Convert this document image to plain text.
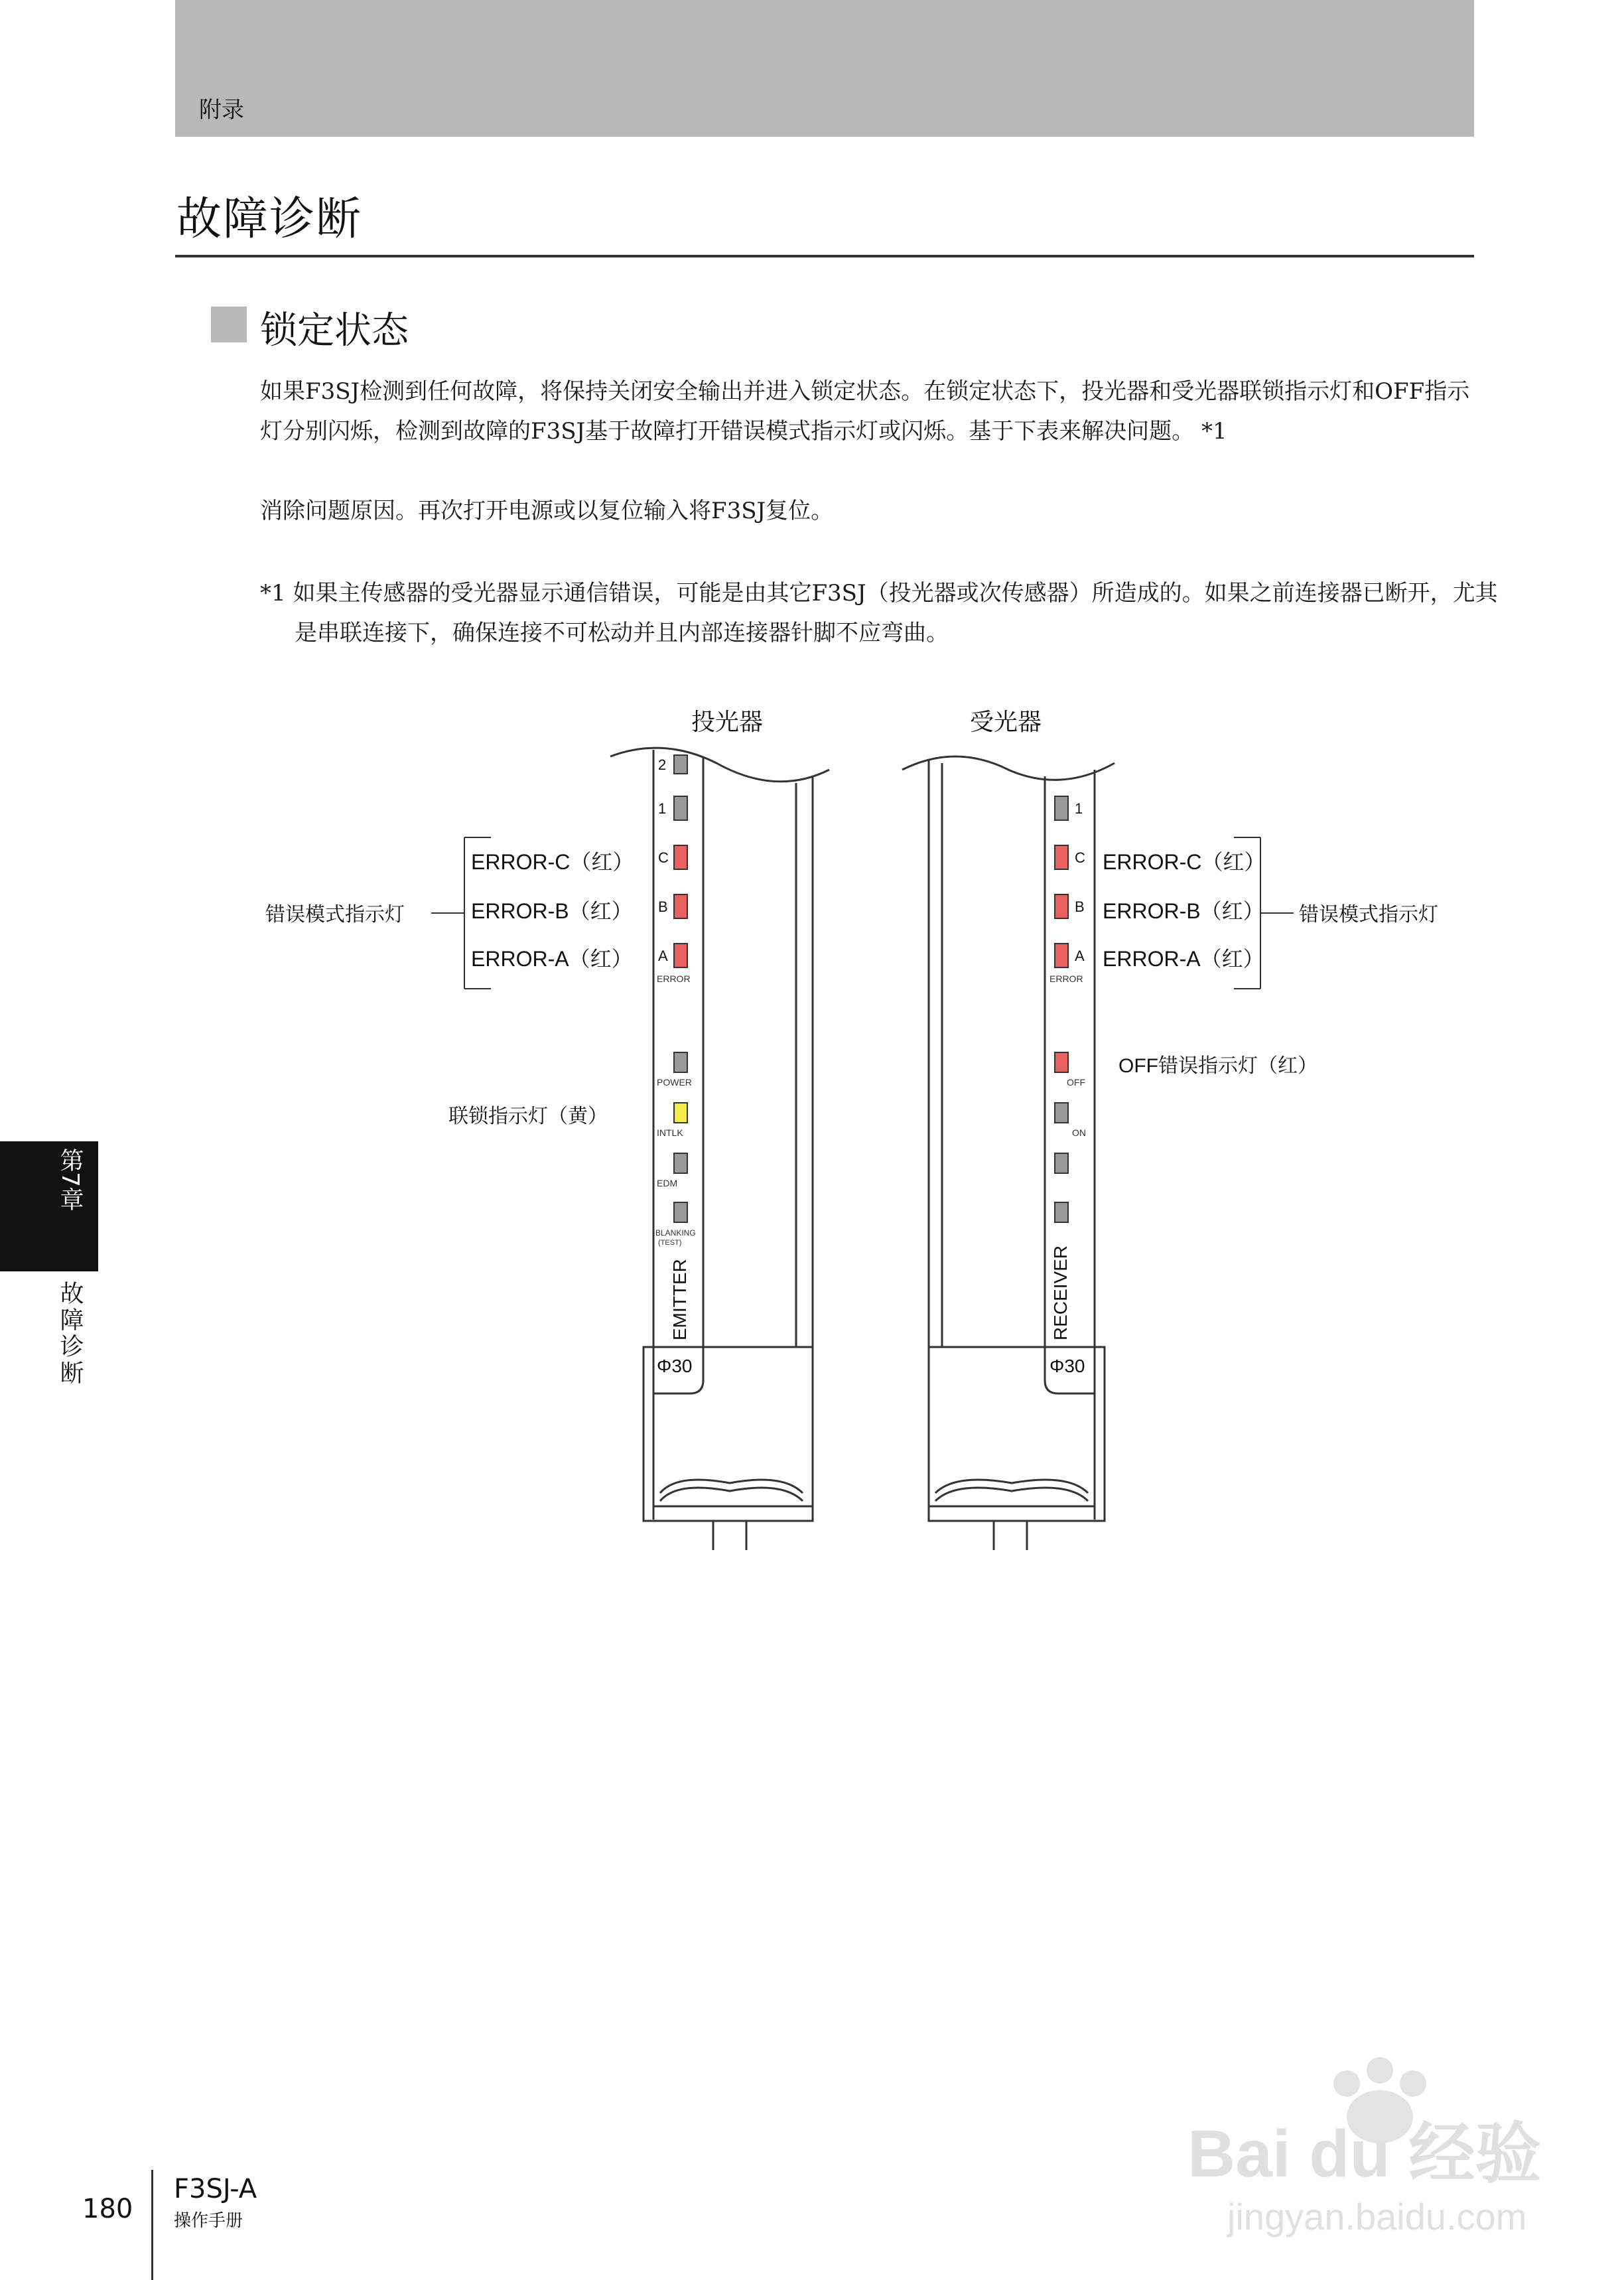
附录
故障诊断
锁定状态
如果F3SJ检测到任何故障，将保持关闭安全输出并进入锁定状态。在锁定状态下，投光器和受光器联锁指示灯和OFF指示灯分别闪烁，检测到故障的F3SJ基于故障打开错误模式指示灯或闪烁。基于下表来解决问题。 *1
消除问题原因。再次打开电源或以复位输入将F3SJ复位。
*1 如果主传感器的受光器显示通信错误，可能是由其它F3SJ（投光器或次传感器）所造成的。如果之前连接器已断开，尤其是串联连接下，确保连接不可松动并且内部连接器针脚不应弯曲。
投光器	受光器
2
1
C
B
A
ERROR
POWER
INTLK
EDM
BLANKING
(TEST)
EMITTER
Φ30
ERROR-C（红）
ERROR-B（红）
ERROR-A（红）
错误模式指示灯
联锁指示灯（黄）
1
C
B
A
ERROR
OFF
ON
RECEIVER
Φ30
ERROR-C（红）
ERROR-B（红）
ERROR-A（红）
错误模式指示灯
OFF错误指示灯（红）
第7章
故障诊断
180
F3SJ-A
操作手册
Bai du 经验
jingyan.baidu.com
